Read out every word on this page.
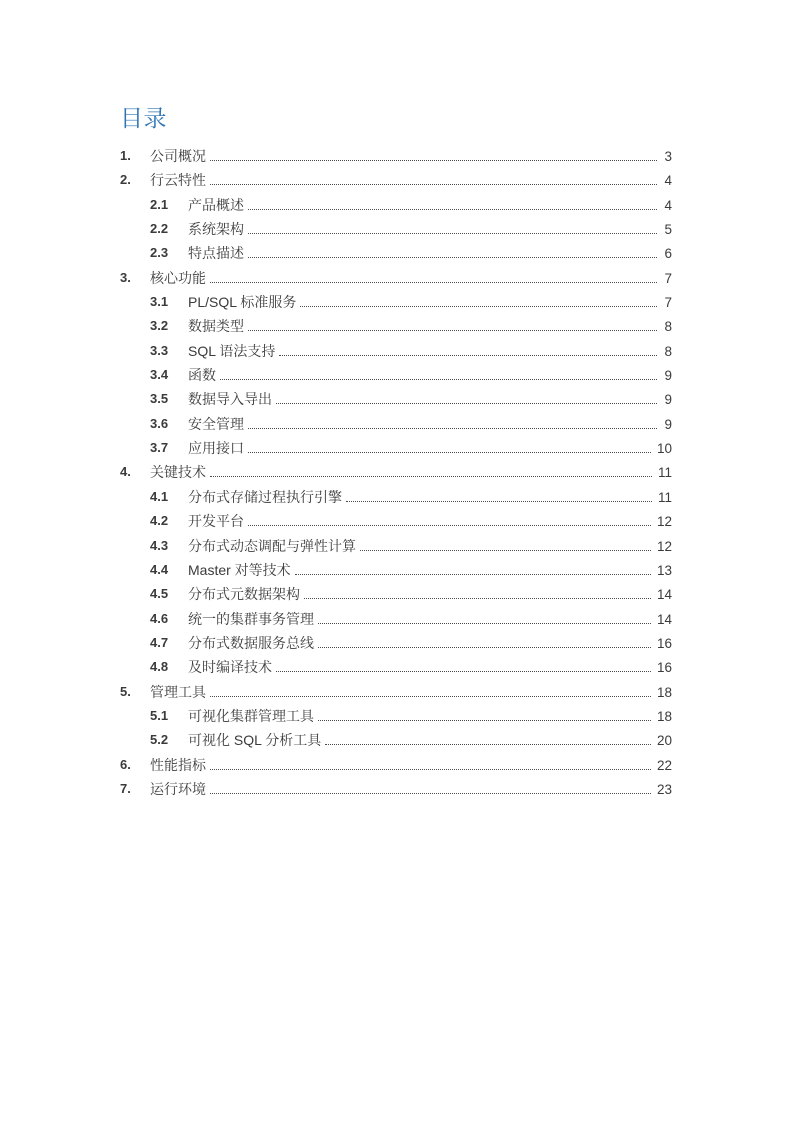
目录
1. 公司概况	3
2. 行云特性	4
2.1 产品概述	4
2.2 系统架构	5
2.3 特点描述	6
3. 核心功能	7
3.1 PL/SQL 标准服务	7
3.2 数据类型	8
3.3 SQL 语法支持	8
3.4 函数	9
3.5 数据导入导出	9
3.6 安全管理	9
3.7 应用接口	10
4. 关键技术	11
4.1 分布式存储过程执行引擎	11
4.2 开发平台	12
4.3 分布式动态调配与弹性计算	12
4.4 Master 对等技术	13
4.5 分布式元数据架构	14
4.6 统一的集群事务管理	14
4.7 分布式数据服务总线	16
4.8 及时编译技术	16
5. 管理工具	18
5.1 可视化集群管理工具	18
5.2 可视化 SQL 分析工具	20
6. 性能指标	22
7. 运行环境	23
